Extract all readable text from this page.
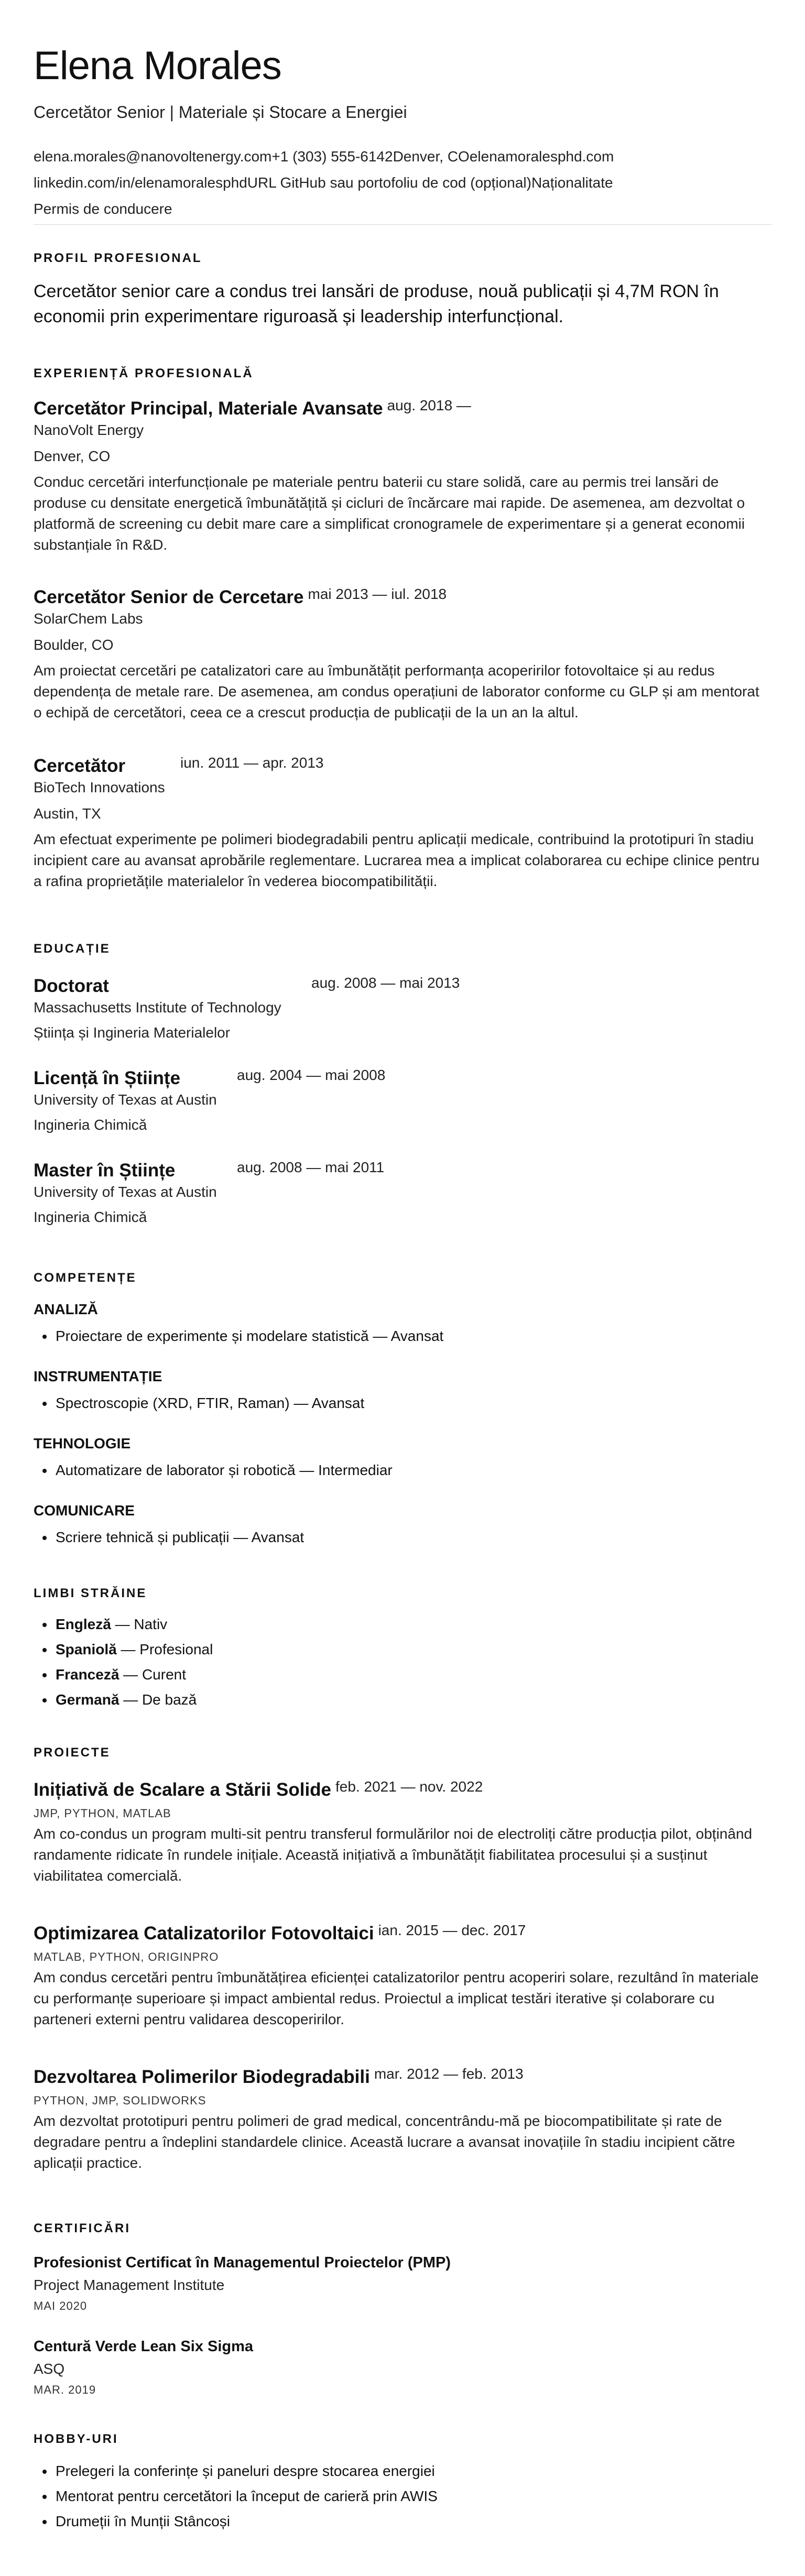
Elena Morales
Cercetător Senior | Materiale și Stocare a Energiei
elena.morales@nanovoltenergy.com +1 (303) 555-6142 Denver, CO elenamoralesphd.com
linkedin.com/in/elenamoralesphd URL GitHub sau portofoliu de cod (opțional) Naționalitate
Permis de conducere
PROFIL PROFESIONAL
Cercetător senior care a condus trei lansări de produse, nouă publicații și 4,7M RON în economii prin experimentare riguroasă și leadership interfuncțional.
EXPERIENȚĂ PROFESIONALĂ
Cercetător Principal, Materiale Avansate aug. 2018 —
NanoVolt Energy
Denver, CO
Conduc cercetări interfuncționale pe materiale pentru baterii cu stare solidă, care au permis trei lansări de produse cu densitate energetică îmbunătățită și cicluri de încărcare mai rapide. De asemenea, am dezvoltat o platformă de screening cu debit mare care a simplificat cronogramele de experimentare și a generat economii substanțiale în R&D.
Cercetător Senior de Cercetare mai 2013 — iul. 2018
SolarChem Labs
Boulder, CO
Am proiectat cercetări pe catalizatori care au îmbunătățit performanța acoperirilor fotovoltaice și au redus dependența de metale rare. De asemenea, am condus operațiuni de laborator conforme cu GLP și am mentorat o echipă de cercetători, ceea ce a crescut producția de publicații de la un an la altul.
Cercetător	iun. 2011 — apr. 2013
BioTech Innovations
Austin, TX
Am efectuat experimente pe polimeri biodegradabili pentru aplicații medicale, contribuind la prototipuri în stadiu incipient care au avansat aprobările reglementare. Lucrarea mea a implicat colaborarea cu echipe clinice pentru a rafina proprietățile materialelor în vederea biocompatibilității.
EDUCAȚIE
Doctorat	aug. 2008 — mai 2013
Massachusetts Institute of Technology
Știința și Ingineria Materialelor
Licență în Științe	aug. 2004 — mai 2008
University of Texas at Austin
Ingineria Chimică
Master în Științe	aug. 2008 — mai 2011
University of Texas at Austin
Ingineria Chimică
COMPETENȚE
ANALIZĂ
• Proiectare de experimente și modelare statistică — Avansat
INSTRUMENTAȚIE
• Spectroscopie (XRD, FTIR, Raman) — Avansat
TEHNOLOGIE
• Automatizare de laborator și robotică — Intermediar
COMUNICARE
• Scriere tehnică și publicații — Avansat
LIMBI STRĂINE
• Engleză — Nativ
• Spaniolă — Profesional
• Franceză — Curent
• Germană — De bază
PROIECTE
Inițiativă de Scalare a Stării Solide feb. 2021 — nov. 2022
JMP, PYTHON, MATLAB
Am co-condus un program multi-sit pentru transferul formulărilor noi de electroliți către producția pilot, obținând randamente ridicate în rundele inițiale. Această inițiativă a îmbunătățit fiabilitatea procesului și a susținut viabilitatea comercială.
Optimizarea Catalizatorilor Fotovoltaici ian. 2015 — dec. 2017
MATLAB, PYTHON, ORIGINPRO
Am condus cercetări pentru îmbunătățirea eficienței catalizatorilor pentru acoperiri solare, rezultând în materiale cu performanțe superioare și impact ambiental redus. Proiectul a implicat testări iterative și colaborare cu parteneri externi pentru validarea descoperirilor.
Dezvoltarea Polimerilor Biodegradabili mar. 2012 — feb. 2013
PYTHON, JMP, SOLIDWORKS
Am dezvoltat prototipuri pentru polimeri de grad medical, concentrându-mă pe biocompatibilitate și rate de degradare pentru a îndeplini standardele clinice. Această lucrare a avansat inovațiile în stadiu incipient către aplicații practice.
CERTIFICĂRI
Profesionist Certificat în Managementul Proiectelor (PMP)
Project Management Institute
MAI 2020
Centură Verde Lean Six Sigma
ASQ
MAR. 2019
HOBBY-URI
• Prelegeri la conferințe și paneluri despre stocarea energiei
• Mentorat pentru cercetători la început de carieră prin AWIS
• Drumeții în Munții Stâncoși
